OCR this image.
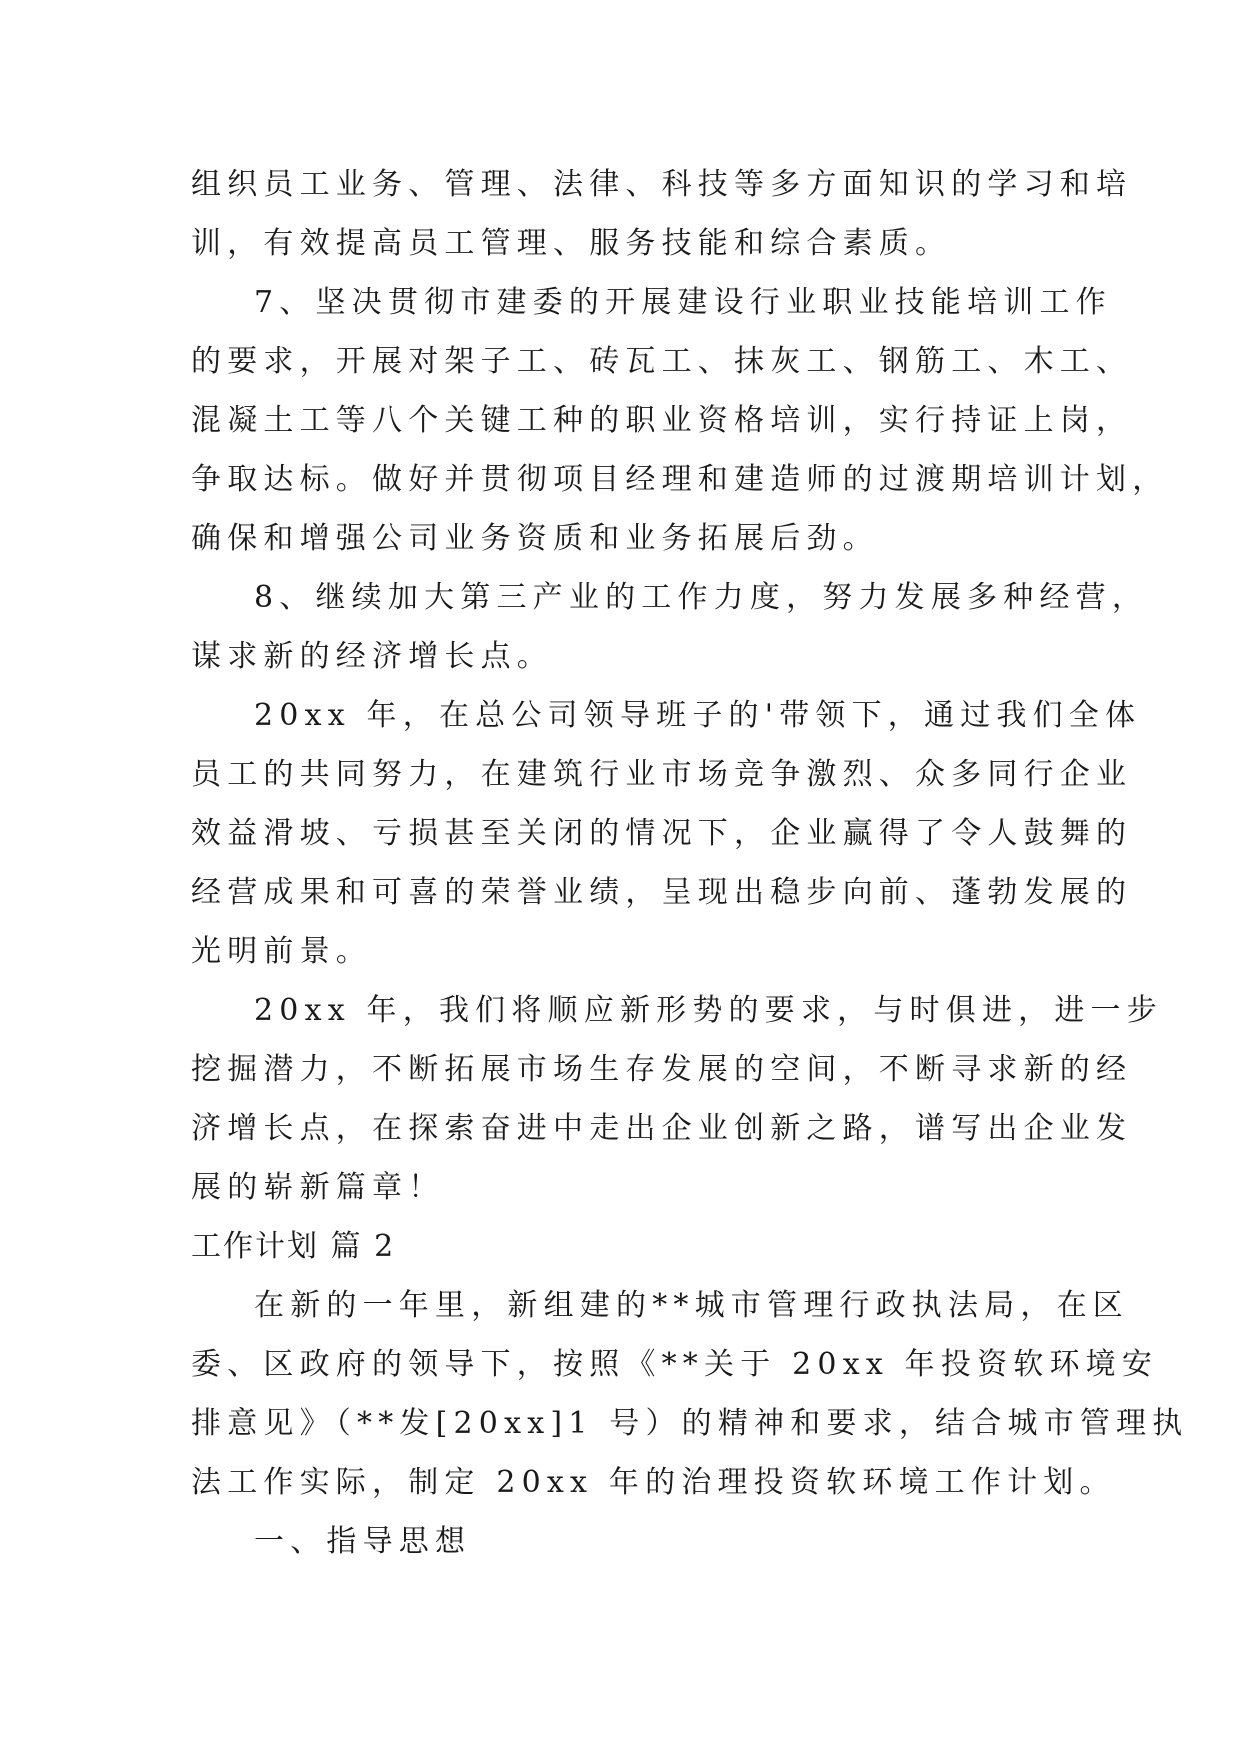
组织员工业务、管理、法律、科技等多方面知识的学习和培
训，有效提高员工管理、服务技能和综合素质。
7、坚决贯彻市建委的开展建设行业职业技能培训工作
的要求，开展对架子工、砖瓦工、抹灰工、钢筋工、木工、
混凝土工等八个关键工种的职业资格培训，实行持证上岗，
争取达标。做好并贯彻项目经理和建造师的过渡期培训计划，
确保和增强公司业务资质和业务拓展后劲。
8、继续加大第三产业的工作力度，努力发展多种经营，
谋求新的经济增长点。
20xx 年，在总公司领导班子的'带领下，通过我们全体
员工的共同努力，在建筑行业市场竞争激烈、众多同行企业
效益滑坡、亏损甚至关闭的情况下，企业赢得了令人鼓舞的
经营成果和可喜的荣誉业绩，呈现出稳步向前、蓬勃发展的
光明前景。
20xx 年，我们将顺应新形势的要求，与时俱进，进一步
挖掘潜力，不断拓展市场生存发展的空间，不断寻求新的经
济增长点，在探索奋进中走出企业创新之路，谱写出企业发
展的崭新篇章！
工作计划 篇 2
在新的一年里，新组建的**城市管理行政执法局，在区
委、区政府的领导下，按照《**关于 20xx 年投资软环境安
排意见》（**发[20xx]1 号）的精神和要求，结合城市管理执
法工作实际，制定 20xx 年的治理投资软环境工作计划。
一、指导思想
